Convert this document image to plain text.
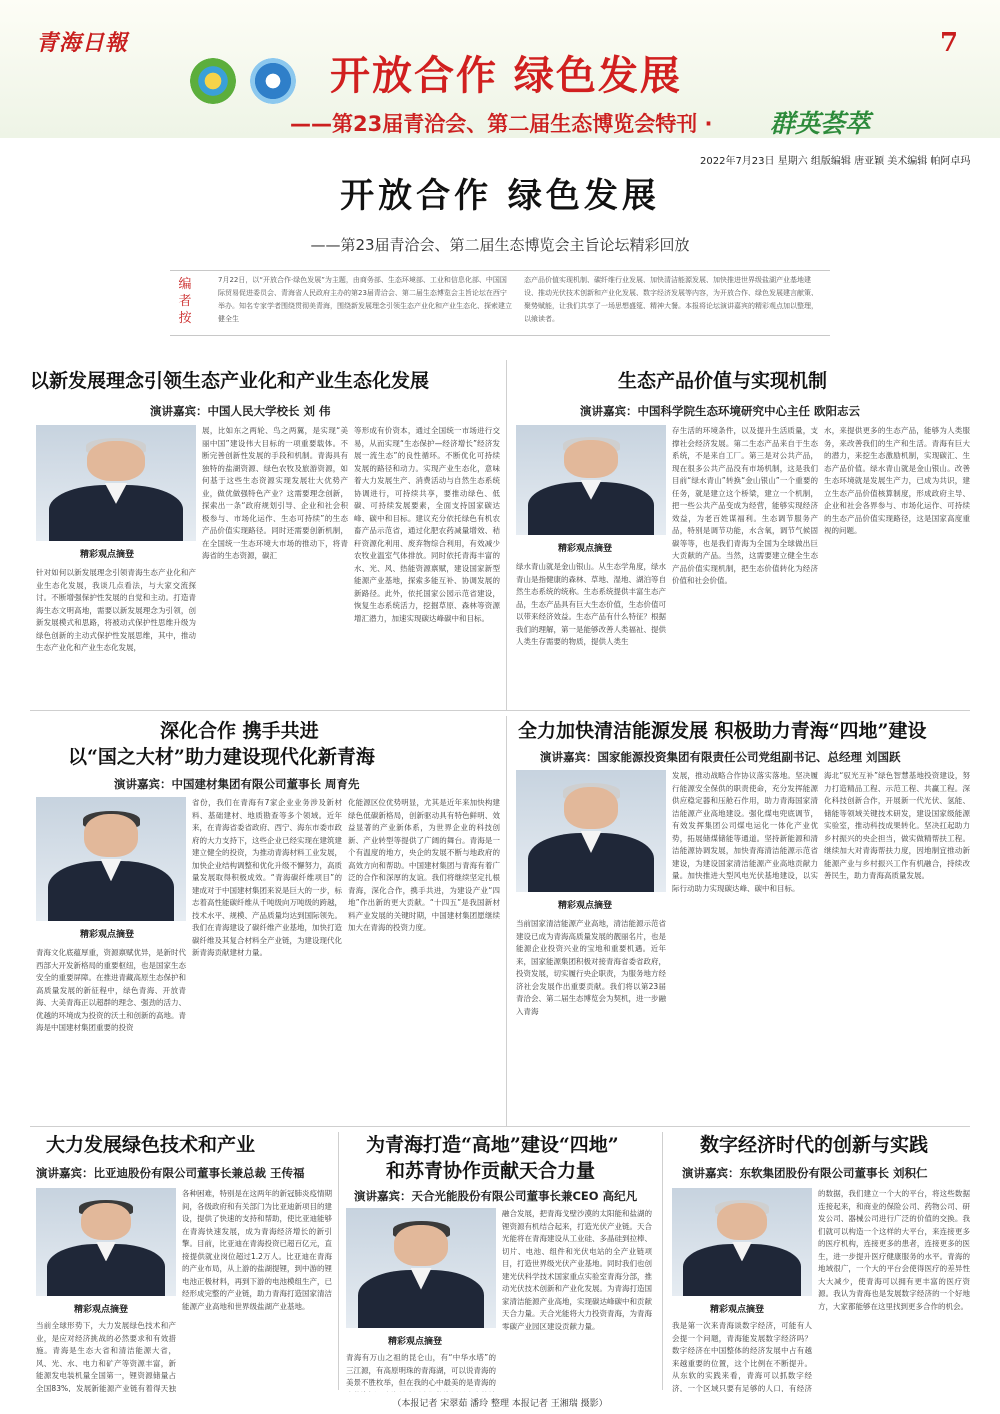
青海日報	7
开放合作 绿色发展
——第23届青洽会、第二届生态博览会特刊 · 群英荟萃
2022年7月23日 星期六 组版编辑 唐亚颖 美术编辑 帕阿卓玛
开放合作 绿色发展
——第23届青洽会、第二届生态博览会主旨论坛精彩回放
编者按
7月22日，以“开放合作·绿色发展”为主题，由商务部、生态环境部、工业和信息化部、中国国际贸易促进委员会、青海省人民政府主办的第23届青洽会、第二届生态博览会主旨论坛在西宁举办。知名专家学者围绕贯彻美青海，围绕新发展理念引领生态产业化和产业生态化、探索建立健全生
态产品价值实现机制、碳纤维行业发展、加快清洁能源发展、加快推进世界级盐湖产业基地建设、推动光伏技术创新和产业化发展、数字经济发展等内容，为开放合作、绿色发展建言献策、聚势赋能，让我们共享了一场思想盛筵、精神大餐。本报将论坛演讲嘉宾的精彩观点加以整理，以飨读者。
以新发展理念引领生态产业化和产业生态化发展
演讲嘉宾：中国人民大学校长 刘 伟
精彩观点摘登
针对如何以新发展理念引领青海生态产业化和产业生态化发展，我谈几点看法，与大家交流探讨。不断增强保护性发展的自觉和主动。打造青海生态文明高地，需要以新发展理念为引领，创新发展模式和思路，将被动式保护性思维升级为绿色创新的主动式保护性发展思维，其中，推动生态产业化和产业生态化发展，
展，比如东之两轮、鸟之两翼，是实现“美丽中国”建设伟大目标的一项重要载体。不断完善创新性发展的手段和机制。青海具有独特的盐湖资源、绿色农牧及旅游资源，如何基于这些生态资源实现发展壮大优势产业，做优做强特色产业？这需要理念创新，探索出一条“政府规划引导、企业和社会积极参与、市场化运作、生态可持续”的生态产品价值实现路径。同时还需要创新机制，在全国统一生态环境大市场的推动下，将青海省的生态资源，碳汇
等形成有价资本，通过全国统一市场进行交易，从而实现“生态保护—经济增长”经济发展一流生态”的良性循环。不断优化可持续发展的路径和动力。实现产业生态化，意味着大力发展生产、消费活动与自然生态系统协调进行，可持续共享，要推动绿色、低碳、可持续发展要素，全面支持国家碳达峰、碳中和目标。建议充分依托绿色有机农畜产品示范省，通过化肥农药减量增效、秸秆资源化利用、废弃物综合利用，有效减少农牧业温室气体排放。同时依托青海丰富的水、光、风、热能资源禀赋，建设国家新型能源产业基地，探索多能互补、协调发展的新路径。此外，依托国家公园示范省建设，恢复生态系统活力，挖掘草原、森林等资源增汇潜力，加速实现碳达峰碳中和目标。
生态产品价值与实现机制
演讲嘉宾：中国科学院生态环境研究中心主任 欧阳志云
精彩观点摘登
绿水青山就是金山银山。从生态学角度，绿水青山是指健康的森林、草地、湿地、湖泊等自然生态系统的统称。生态系统提供丰富生态产品，生态产品具有巨大生态价值，生态价值可以带来经济效益。生态产品有什么特征？根据我们的理解，第一是能够改善人类福祉、提供人类生存需要的物质，提供人类生
存生活的环境条件，以及提升生活质量，支撑社会经济发展。第二生态产品来自于生态系统，不是来自工厂。第三是对公共产品，现在很多公共产品没有市场机制，这是我们目前“绿水青山”转换“金山银山”一个重要的任务，就是建立这个桥梁，建立一个机制，把一些公共产品变成为经营，能够实现经济效益，为老百姓谋福利。生态调节服务产品，特别是调节功能，水含氧，调节气候固碳等等，也是我们青海为全国为全球做出巨大贡献的产品。当然，这需要建立健全生态产品价值实现机制，把生态价值转化为经济价值和社会价值。
水，来提供更多的生态产品，能够为人类服务，来改善我们的生产和生活。青海有巨大的潜力，来挖生态激励机制，实现碳汇、生态产品价值。绿水青山就是金山银山。改善生态环境就是发展生产力，已成为共识，建立生态产品价值核算制度，形成政府主导、企业和社会各界参与、市场化运作、可持续的生态产品价值实现路径，这是国家高度重视的问题。
深化合作 携手共进
以“国之大材”助力建设现代化新青海
演讲嘉宾：中国建材集团有限公司董事长 周育先
精彩观点摘登
青海文化底蕴厚重，资源禀赋优异，是新时代西部大开发新格局的重要枢纽，也是国家生态安全的重要屏障。在推进青藏高原生态保护和高质量发展的新征程中，绿色青海、开放青海、大美青海正以超群的理念、强劲的活力、优越的环境成为投资的沃土和创新的高地。青海是中国建材集团重要的投资
省份，我们在青海有7家企业业务涉及新材料、基础建材、地质勘查等多个领域。近年来，在青海省委省政府、西宁、海东市委市政府的大力支持下，这些企业已经实现在建筑建建立健全的投资，为推动青海材料工业发展，加快企业结构调整和优化升级不懈努力，高质量发展取得积极成效。“青海碳纤维项目”的建成对于中国建材集团来说是巨大的一步，标志着高性能碳纤维从千吨级向万吨级的跨越，技术水平、规模、产品质量均达到国际领先。我们在青海建设了碳纤维产业基地，加快打造碳纤维及其复合材料全产业链，为建设现代化新青海贡献建材力量。
化能源区位优势明显，尤其是近年来加快构建绿色低碳新格局，创新驱动具有特色鲜明、效益显著的产业新体系，为世界企业的科技创新、产业转型等提供了广阔的舞台。青海是一个有温度的地方，央企的发展不断与地政府的高效方向和帮助。中国建材集团与青海有着广泛的合作和深厚的友谊。我们将继续坚定扎根青海，深化合作，携手共进，为建设产业“四地”作出新的更大贡献。“十四五”是我国新材料产业发展的关键时期，中国建材集团愿继续加大在青海的投资力度。
全力加快清洁能源发展 积极助力青海“四地”建设
演讲嘉宾：国家能源投资集团有限责任公司党组副书记、总经理 刘国跃
精彩观点摘登
当前国家清洁能源产业高地，清洁能源示范省建设已成为青海高质量发展的靓丽名片，也是能源企业投资兴业的宝地和重要机遇。近年来，国家能源集团积极对接青海省委省政府，投资发展，切实履行央企职责，为服务地方经济社会发展作出重要贡献。我们将以第23届青洽会、第二届生态博览会为契机，进一步融入青海
发展，推动战略合作协议落实落地。坚决履行能源安全保供的职责使命，充分发挥能源供应稳定器和压舱石作用，助力青海国家清洁能源产业高地建设。强化煤电兜底调节，有效发挥集团公司煤电运化一体化产业优势，拓展储煤储能等通道。坚持新能源和清洁能源协调发展，加快青海清洁能源示范省建设，为建设国家清洁能源产业高地贡献力量。加快推进大型风电光伏基地建设，以实际行动助力实现碳达峰、碳中和目标。
海北“驭光互补”绿色智慧基地投资建设，努力打造精品工程、示范工程、共赢工程。深化科技创新合作，开展新一代光伏、氢能、储能等领域关键技术研发，建设国家级能源实验室，推动科技成果转化。坚决扛起助力乡村振兴的央企担当，做实做精帮扶工程。继续加大对青海帮扶力度，因地制宜推动新能源产业与乡村振兴工作有机融合，持续改善民生，助力青海高质量发展。
大力发展绿色技术和产业
演讲嘉宾：比亚迪股份有限公司董事长兼总裁 王传福
精彩观点摘登
当前全球形势下，大力发展绿色技术和产业，是应对经济挑战的必然要求和有效措施。青海是生态大省和清洁能源大省，风、光、水、电力和矿产等资源丰富，新能源发电装机量全国第一，锂资源储量占全国83%，发展新能源产业链有着得天独
各种困难，特别是在这两年的新冠肺炎疫情期间，各级政府和有关部门为比亚迪新项目的建设，提供了快速的支持和帮助，使比亚迪能够在青海快速发展，成为青海经济增长的新引擎。目前，比亚迪在青海投资已超百亿元，直接提供就业岗位超过1.2万人。比亚迪在青海的产业布局，从上游的盐湖提锂，到中游的锂电池正极材料，再到下游的电池模组生产，已经形成完整的产业链，助力青海打造国家清洁能源产业高地和世界级盐湖产业基地。
为青海打造“高地”建设“四地”
和苏青协作贡献天合力量
演讲嘉宾：天合光能股份有限公司董事长兼CEO 高纪凡
精彩观点摘登
青海有万山之祖的昆仑山，有“中华水塔”的三江源，有高原明珠的青海湖，可以说青海的美景不胜枚举，但在我的心中最美的是青海的
融合发展，把青海戈壁沙漠的太阳能和盐湖的锂资源有机结合起来，打造光伏产业链。天合光能将在青海建设从工业硅、多晶硅到拉棒、切片、电池、组件和光伏电站的全产业链项目，打造世界级光伏产业基地。同时我们也创建光伏科学技术国家重点实验室青海分部，推动光伏技术创新和产业化发展。为青海打造国家清洁能源产业高地，实现碳达峰碳中和贡献天合力量。天合光能将大力投资青海，为青海零碳产业园区建设贡献力量。
数字经济时代的创新与实践
演讲嘉宾：东软集团股份有限公司董事长 刘积仁
精彩观点摘登
我是第一次来青海谈数字经济，可能有人会提一个问题，青海能发展数字经济吗？数字经济在中国整体的经济发展中占有越来越重要的位置，这个比例在不断提升。从东软的实践来看，青海可以抓数字经济，一个区域只要有足够的人口，有经济
的数据，我们建立一个大的平台，将这些数据连接起来，和商业的保险公司、药物公司、研发公司、器械公司进行广泛的价值的交换。我们就可以构造一个这样的大平台，来连接更多的医疗机构，连接更多的患者，连接更多的医生，进一步提升医疗健康服务的水平。青海的地域很广，一个大的平台会使得医疗的差异性大大减少，使青海可以拥有更丰富的医疗资源。我认为青海也是发展数字经济的一个好地方，大家都能够在这里找到更多合作的机会。
（本报记者 宋翠茹 潘玲 整理 本报记者 王湘瑞 摄影）
